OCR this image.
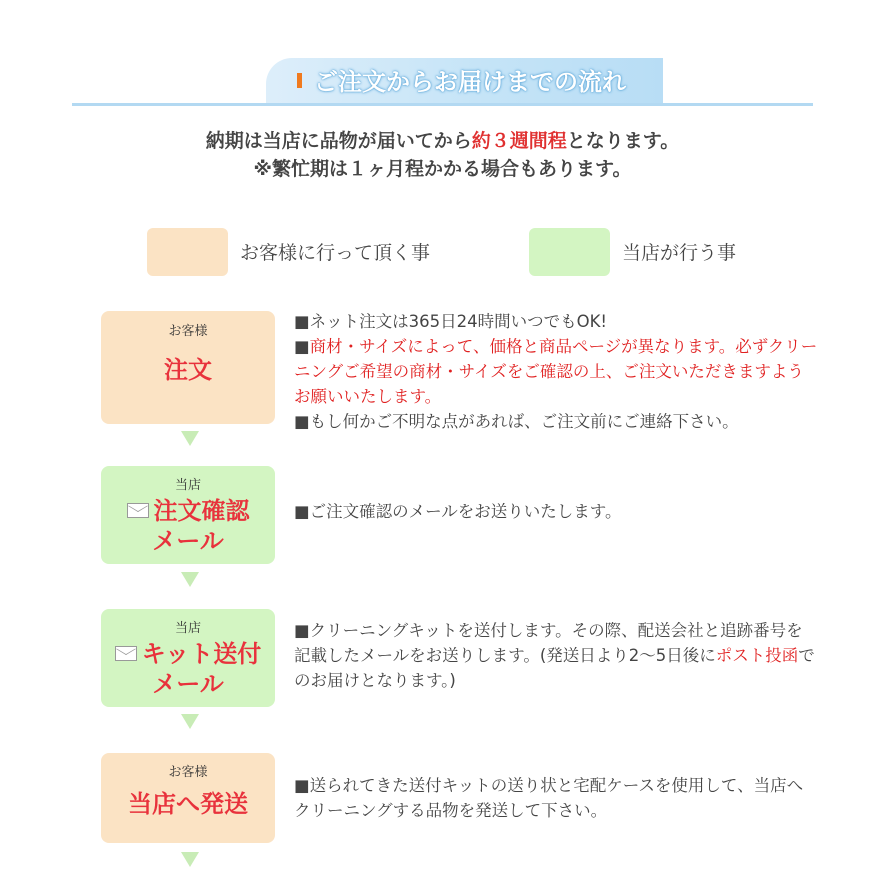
ご注文からお届けまでの流れ
納期は当店に品物が届いてから約３週間程となります。
※繁忙期は１ヶ月程かかる場合もあります。
お客様に行って頂く事	当店が行う事
お客様
注文

■ネット注文は365日24時間いつでもOK!

■商材・サイズによって、価格と商品ページが異なります。必ずクリーニングご希望の商材・サイズをご確認の上、ご注文いただきますようお願いいたします。

■もし何かご不明な点があれば、ご注文前にご連絡下さい。

当店
注文確認
メール
■ご注文確認のメールをお送りいたします。
当店
キット送付
メール

■クリーニングキットを送付します。その際、配送会社と追跡番号を記載したメールをお送りします。(発送日より2〜5日後にポスト投函でのお届けとなります。)

お客様
当店へ発送
■送られてきた送付キットの送り状と宅配ケースを使用して、当店へクリーニングする品物を発送して下さい。
